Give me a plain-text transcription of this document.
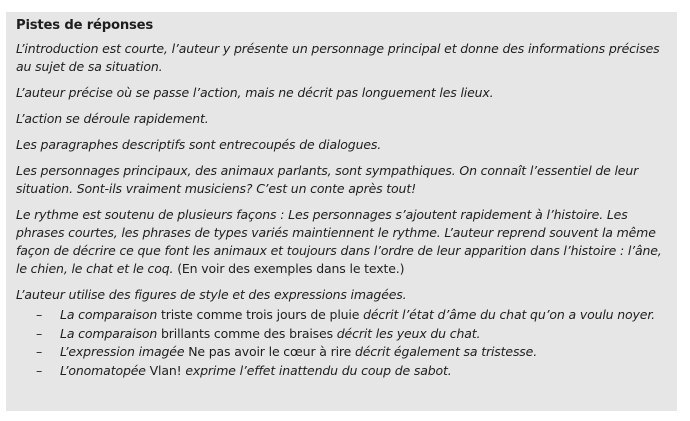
Pistes de réponses

L’introduction est courte, l’auteur y présente un personnage principal et donne des informations précises au sujet de sa situation.

L’auteur précise où se passe l’action, mais ne décrit pas longuement les lieux.

L’action se déroule rapidement.

Les paragraphes descriptifs sont entrecoupés de dialogues.

Les personnages principaux, des animaux parlants, sont sympathiques. On connaît l’essentiel de leur situation. Sont-ils vraiment musiciens? C’est un conte après tout!

Le rythme est soutenu de plusieurs façons : Les personnages s’ajoutent rapidement à l’histoire. Les phrases courtes, les phrases de types variés maintiennent le rythme. L’auteur reprend souvent la même façon de décrire ce que font les animaux et toujours dans l’ordre de leur apparition dans l’histoire : l’âne, le chien, le chat et le coq. (En voir des exemples dans le texte.)

L’auteur utilise des figures de style et des expressions imagées.

–	La comparaison triste comme trois jours de pluie décrit l’état d’âme du chat qu’on a voulu noyer.
–	La comparaison brillants comme des braises décrit les yeux du chat.
–	L’expression imagée Ne pas avoir le cœur à rire décrit également sa tristesse.
–	L’onomatopée Vlan! exprime l’effet inattendu du coup de sabot.
